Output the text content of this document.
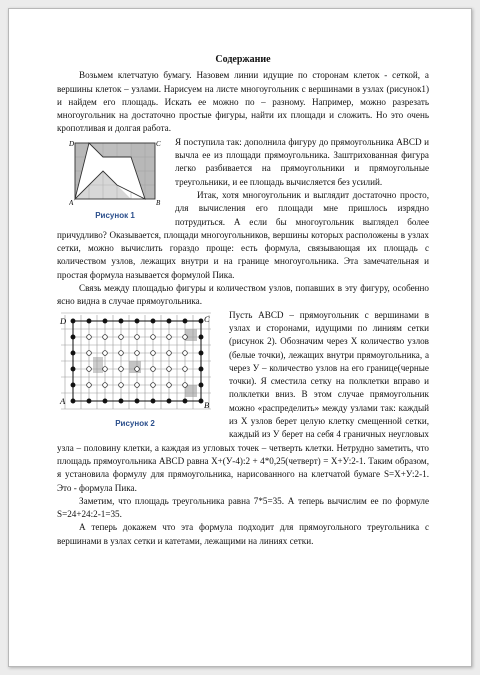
Содержание

Возьмем клетчатую бумагу. Назовем линии идущие по сторонам клеток - сеткой, а вершины клеток – узлами. Нарисуем на листе многоугольник с вершинами в узлах (рисунок1) и найдем его площадь. Искать ее можно по – разному. Например, можно разрезать многоугольник на достаточно простые фигуры, найти их площади и сложить. Но это очень кропотливая и долгая работа.

D	C
A	B
Рисунок 1

Я поступила так: дополнила фигуру до прямоугольника ABCD и вычла ее из площади прямоугольника. Заштрихованная фигура легко разбивается на прямоугольники и прямоугольные треугольники, и ее площадь вычисляется без усилий.

Итак, хотя многоугольник и выглядит достаточно просто, для вычисления его площади мне пришлось изрядно потрудиться. А если бы многоугольник выглядел более причудливо? Оказывается, площади многоугольников, вершины которых расположены в узлах сетки, можно вычислить гораздо проще: есть формула, связывающая их площадь с количеством узлов, лежащих внутри и на границе многоугольника. Эта замечательная и простая формула называется формулой Пика.

Связь между площадью фигуры и количеством узлов, попавших в эту фигуру, особенно ясно видна в случае прямоугольника.

D	C
A	B
Рисунок 2

Пусть ABCD – прямоугольник с вершинами в узлах и сторонами, идущими по линиям сетки (рисунок 2). Обозначим через X количество узлов (белые точки), лежащих внутри прямоугольника, а через У – количество узлов на его границе(черные точки). Я сместила сетку на полклетки вправо и полклетки вниз. В этом случае прямоугольник можно «распределить» между узлами так: каждый из X узлов берет целую клетку смещенной сетки, каждый из У берет на себя 4 граничных неугловых узла – половину клетки, а каждая из угловых точек – четверть клетки. Нетрудно заметить, что площадь прямоугольника ABCD равна X+(У-4):2 + 4*0,25(четверт) = X+У:2-1. Таким образом, я установила формулу для прямоугольника, нарисованного на клетчатой бумаге S=X+У:2-1. Это - формула Пика.

Заметим, что площадь треугольника равна 7*5=35. А теперь вычислим ее по формуле S=24+24:2-1=35.

А теперь докажем что эта формула подходит для прямоугольного треугольника с вершинами в узлах сетки и катетами, лежащими на линиях сетки.
